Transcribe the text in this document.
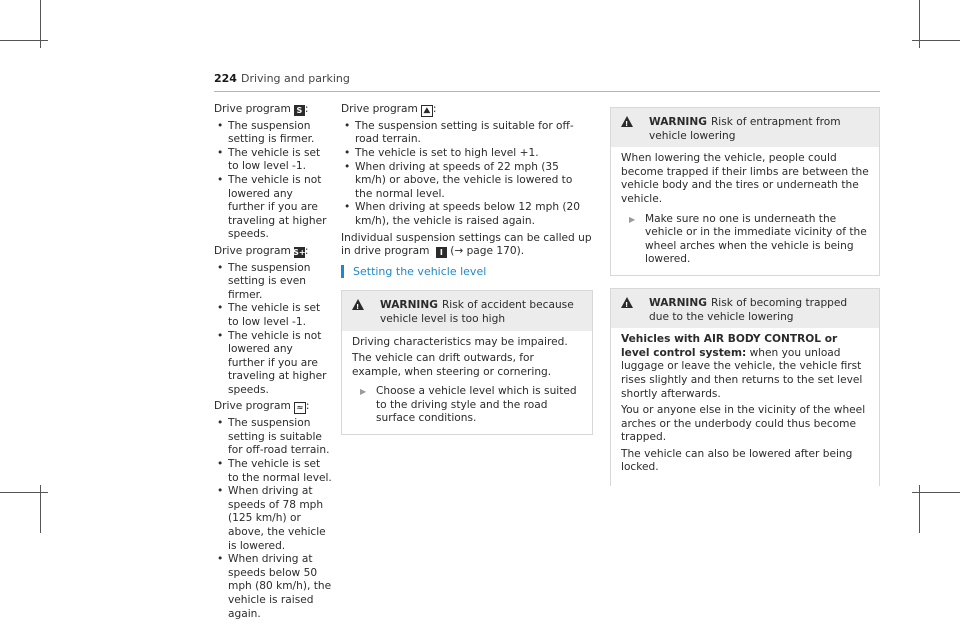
224 Driving and parking

Drive program S :

• The suspension setting is firmer.
• The vehicle is set to low level -1.
• The vehicle is not lowered any further if you are traveling at higher speeds.

Drive program S+:

• The suspension setting is even firmer.
• The vehicle is set to low level -1.
• The vehicle is not lowered any further if you are traveling at higher speeds.

Drive program ≈ :

• The suspension setting is suitable for off-road terrain.
• The vehicle is set to the normal level.
• When driving at speeds of 78 mph (125 km/h) or above, the vehicle is lowered.
• When driving at speeds below 50 mph (80 km/h), the vehicle is raised again.

Drive program ⛰ :

• The suspension setting is suitable for off-road terrain.
• The vehicle is set to high level +1.
• When driving at speeds of 22 mph (35 km/h) or above, the vehicle is lowered to the normal level.
• When driving at speeds below 12 mph (20 km/h), the vehicle is raised again.

Individual suspension settings can be called up in drive program I (→ page 170).

Setting the vehicle level
!	WARNING Risk of accident because vehicle level is too high

Driving characteristics may be impaired.

The vehicle can drift outwards, for example, when steering or cornering.

▶ Choose a vehicle level which is suited to the driving style and the road surface conditions.
!	WARNING Risk of entrapment from vehicle lowering

When lowering the vehicle, people could become trapped if their limbs are between the vehicle body and the tires or underneath the vehicle.

▶ Make sure no one is underneath the vehicle or in the immediate vicinity of the wheel arches when the vehicle is being lowered.
!	WARNING Risk of becoming trapped due to the vehicle lowering

Vehicles with AIR BODY CONTROL or level control system: when you unload luggage or leave the vehicle, the vehicle first rises slightly and then returns to the set level shortly afterwards.

You or anyone else in the vicinity of the wheel arches or the underbody could thus become trapped.

The vehicle can also be lowered after being locked.
